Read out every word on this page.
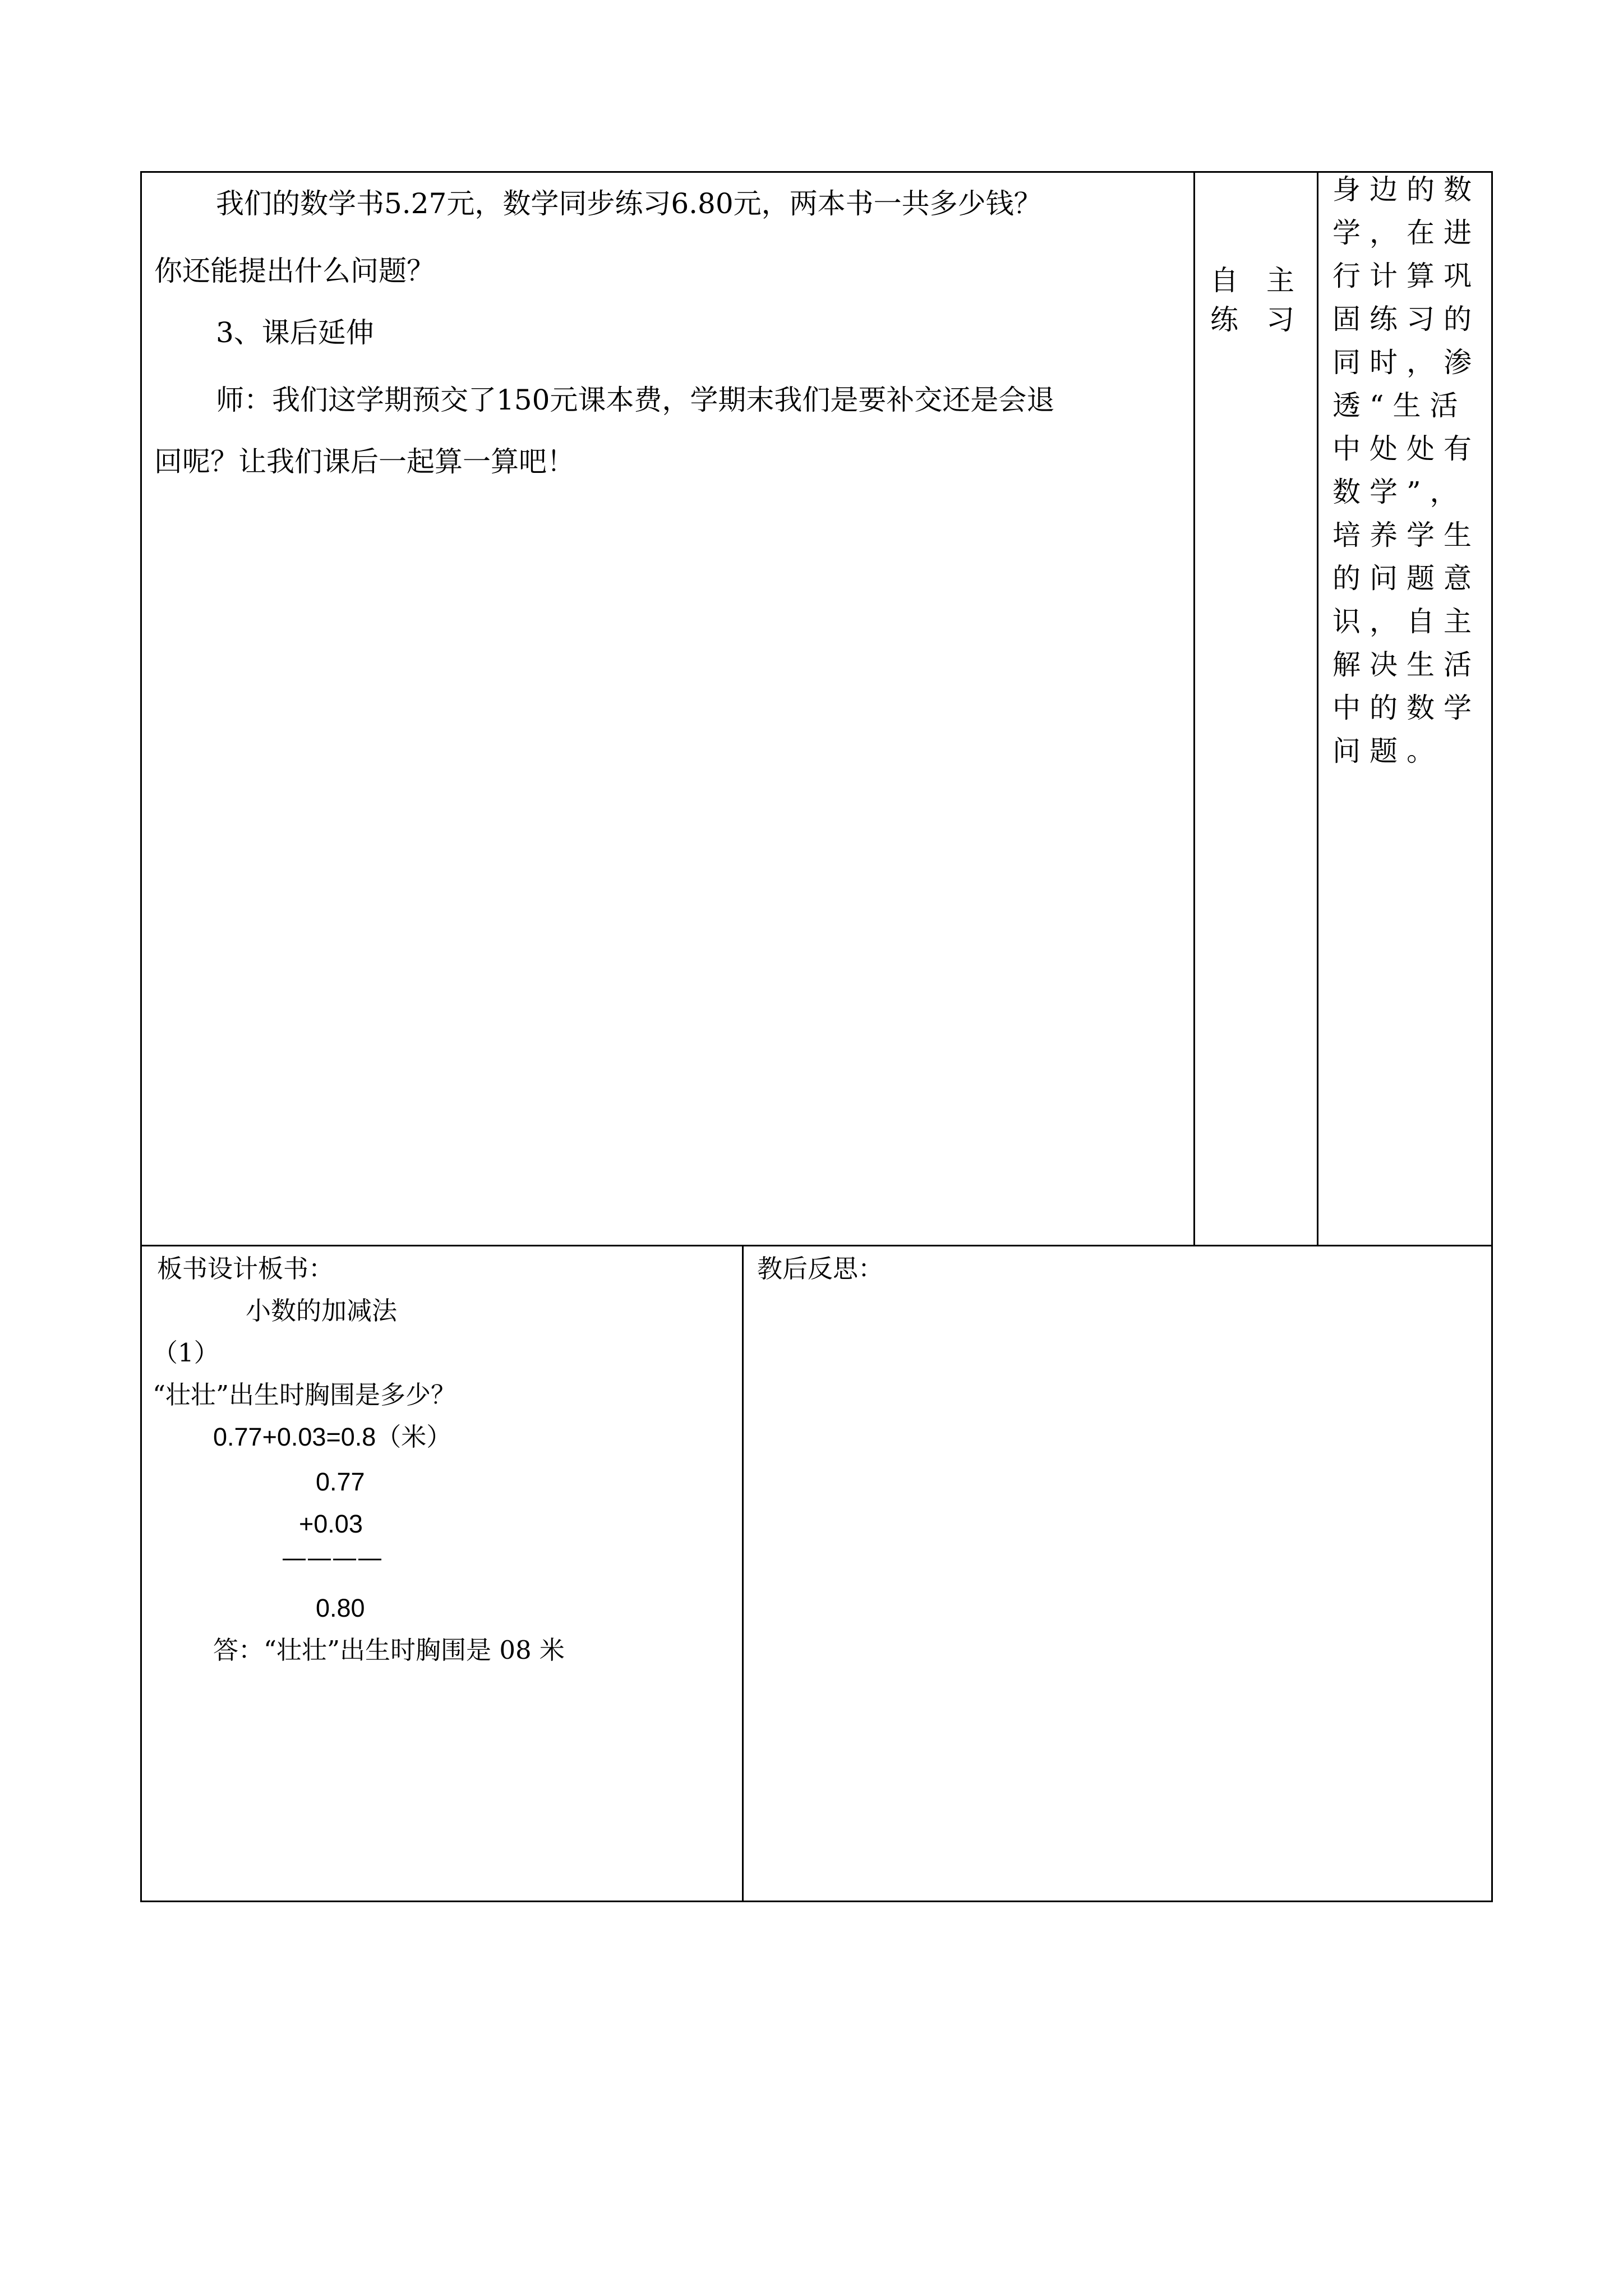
我们的数学书5.27元，数学同步练习6.80元，两本书一共多少钱？

你还能提出什么问题？

3、课后延伸

师：我们这学期预交了150元课本费，学期末我们是要补交还是会退

回呢？让我们课后一起算一算吧！

自　主

练　习

身边的数学，在进行计算巩固练习的同时，渗透“生活中处处有数学”，培养学生的问题意识，自主解决生活中的数学问题。

板书设计板书：

小数的加减法

（1）

“壮壮”出生时胸围是多少？

0.77+0.03=0.8（米）

0.77

+0.03

————

0.80

答：“壮壮”出生时胸围是 08 米

教后反思：
